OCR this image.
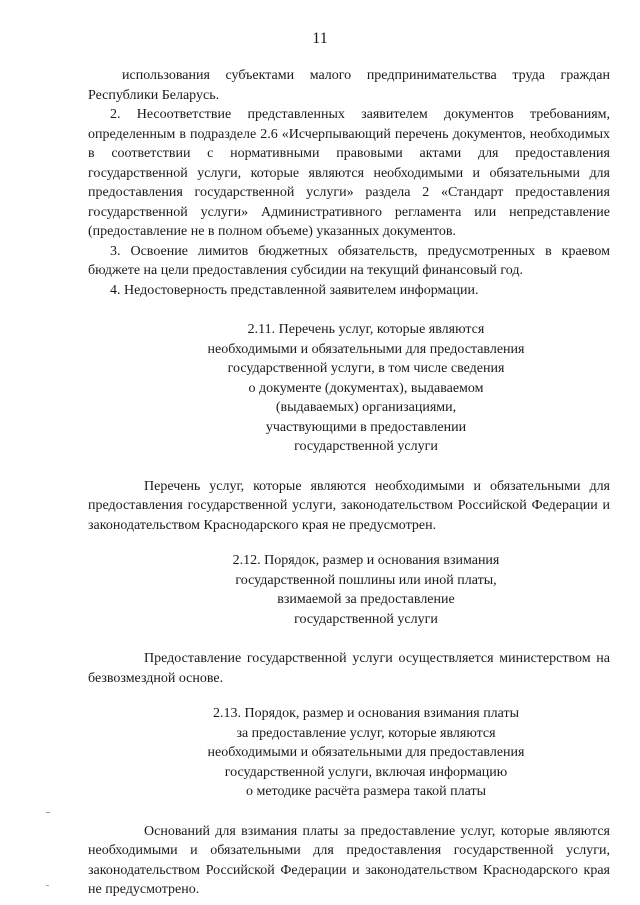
11

использования субъектами малого предпринимательства труда граждан Республики Беларусь.

2. Несоответствие представленных заявителем документов требованиям, определенным в подразделе 2.6 «Исчерпывающий перечень документов, необходимых в соответствии с нормативными правовыми актами для предоставления государственной услуги, которые являются необходимыми и обязательными для предоставления государственной услуги» раздела 2 «Стандарт предоставления государственной услуги» Административного регламента или непредставление (предоставление не в полном объеме) указанных документов.

3. Освоение лимитов бюджетных обязательств, предусмотренных в краевом бюджете на цели предоставления субсидии на текущий финансовый год.

4. Недостоверность представленной заявителем информации.

2.11. Перечень услуг, которые являются
необходимыми и обязательными для предоставления
государственной услуги, в том числе сведения
о документе (документах), выдаваемом
(выдаваемых) организациями,
участвующими в предоставлении
государственной услуги

Перечень услуг, которые являются необходимыми и обязательными для предоставления государственной услуги, законодательством Российской Федерации и законодательством Краснодарского края не предусмотрен.

2.12. Порядок, размер и основания взимания
государственной пошлины или иной платы,
взимаемой за предоставление
государственной услуги

Предоставление государственной услуги осуществляется министерством на безвозмездной основе.

2.13. Порядок, размер и основания взимания платы
за предоставление услуг, которые являются
необходимыми и обязательными для предоставления
государственной услуги, включая информацию
о методике расчёта размера такой платы

Оснований для взимания платы за предоставление услуг, которые являются необходимыми и обязательными для предоставления государственной услуги, законодательством Российской Федерации и законодательством Краснодарского края не предусмотрено.
